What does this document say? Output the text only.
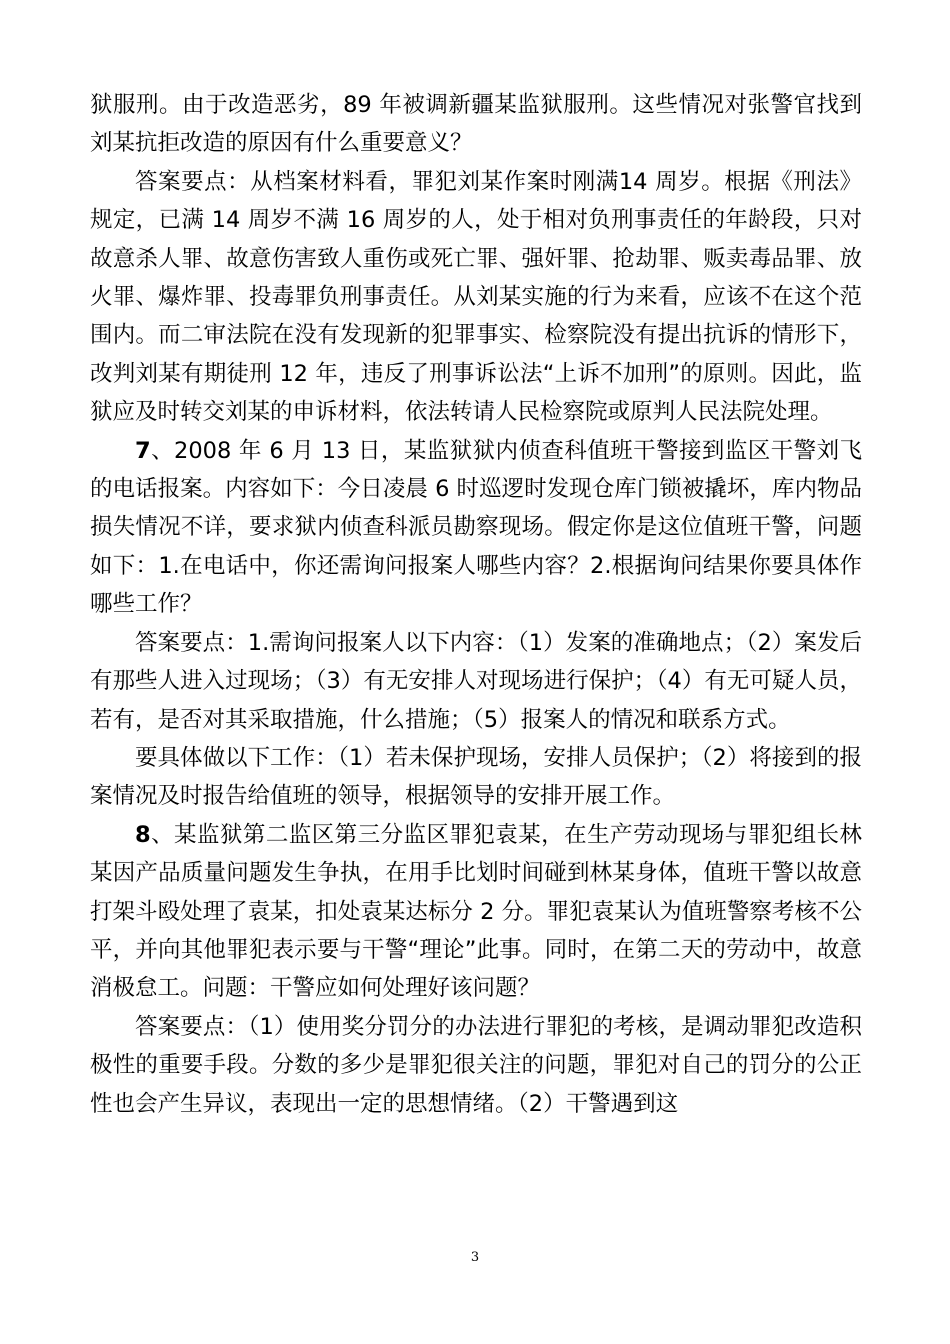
狱服刑。由于改造恶劣，89 年被调新疆某监狱服刑。这些情况对张警官找到刘某抗拒改造的原因有什么重要意义？

答案要点：从档案材料看，罪犯刘某作案时刚满14 周岁。根据《刑法》规定，已满 14 周岁不满 16 周岁的人，处于相对负刑事责任的年龄段，只对故意杀人罪、故意伤害致人重伤或死亡罪、强奸罪、抢劫罪、贩卖毒品罪、放火罪、爆炸罪、投毒罪负刑事责任。从刘某实施的行为来看，应该不在这个范围内。而二审法院在没有发现新的犯罪事实、检察院没有提出抗诉的情形下，改判刘某有期徒刑 12 年，违反了刑事诉讼法“上诉不加刑”的原则。因此，监狱应及时转交刘某的申诉材料，依法转请人民检察院或原判人民法院处理。

7、2008 年 6 月 13 日，某监狱狱内侦查科值班干警接到监区干警刘飞的电话报案。内容如下：今日凌晨 6 时巡逻时发现仓库门锁被撬坏，库内物品损失情况不详，要求狱内侦查科派员勘察现场。假定你是这位值班干警，问题如下：1.在电话中，你还需询问报案人哪些内容？2.根据询问结果你要具体作哪些工作？

答案要点：1.需询问报案人以下内容：（1）发案的准确地点；（2）案发后有那些人进入过现场；（3）有无安排人对现场进行保护；（4）有无可疑人员，若有，是否对其采取措施，什么措施；（5）报案人的情况和联系方式。

要具体做以下工作：（1）若未保护现场，安排人员保护；（2）将接到的报案情况及时报告给值班的领导，根据领导的安排开展工作。

8、某监狱第二监区第三分监区罪犯袁某，在生产劳动现场与罪犯组长林某因产品质量问题发生争执，在用手比划时间碰到林某身体，值班干警以故意打架斗殴处理了袁某，扣处袁某达标分 2 分。罪犯袁某认为值班警察考核不公平，并向其他罪犯表示要与干警“理论”此事。同时，在第二天的劳动中，故意消极怠工。问题：干警应如何处理好该问题？

答案要点：（1）使用奖分罚分的办法进行罪犯的考核，是调动罪犯改造积极性的重要手段。分数的多少是罪犯很关注的问题，罪犯对自己的罚分的公正性也会产生异议，表现出一定的思想情绪。（2）干警遇到这

3
